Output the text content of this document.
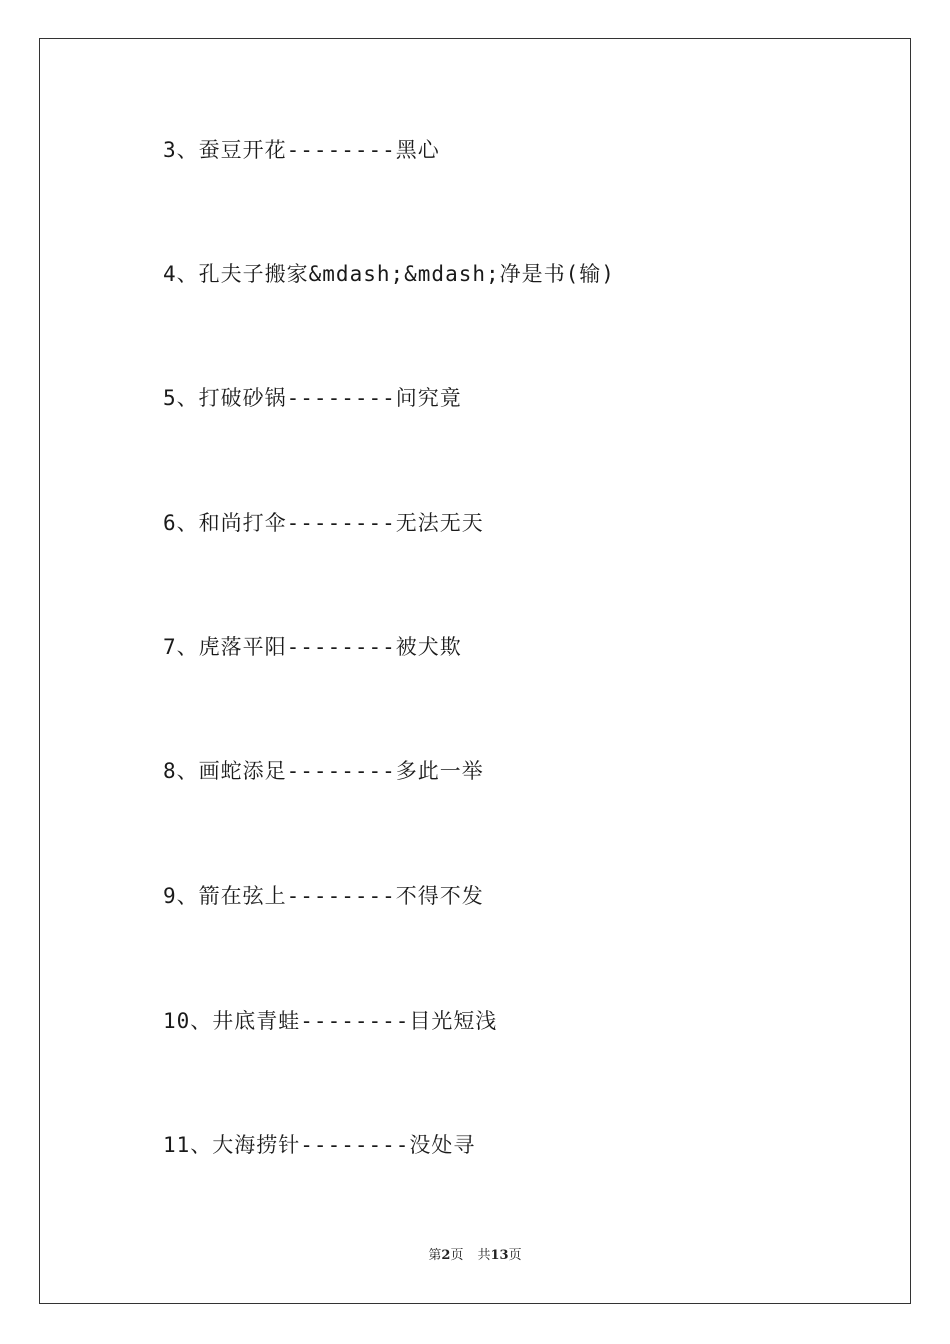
3、蚕豆开花--------黑心
4、孔夫子搬家&mdash;&mdash;净是书(输)
5、打破砂锅--------问究竟
6、和尚打伞--------无法无天
7、虎落平阳--------被犬欺
8、画蛇添足--------多此一举
9、箭在弦上--------不得不发
10、井底青蛙--------目光短浅
11、大海捞针--------没处寻
第2页 共13页
